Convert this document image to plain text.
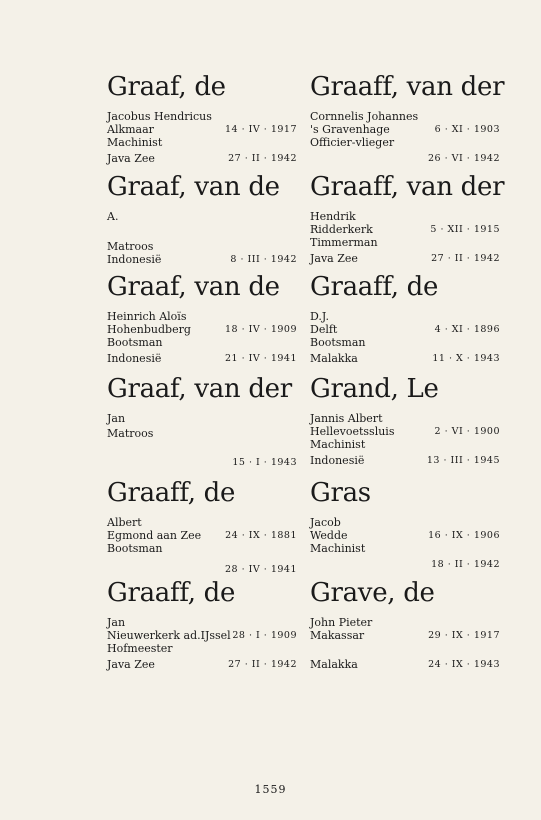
Graaf, de
Jacobus Hendricus
Alkmaar	14 · IV · 1917
Machinist
Java Zee	27 · II · 1942
Graaf, van de
A.
Matroos
Indonesië	8 · III · 1942
Graaf, van de
Heinrich Aloïs
Hohenbudberg	18 · IV · 1909
Bootsman
Indonesië	21 · IV · 1941
Graaf, van der
Jan
Matroos
15 · I · 1943
Graaff, de
Albert
Egmond aan Zee	24 · IX · 1881
Bootsman
28 · IV · 1941
Graaff, de
Jan
Nieuwerkerk ad.IJssel 28 · I · 1909
Hofmeester
Java Zee	27 · II · 1942
Graaff, van der
Cornnelis Johannes
's Gravenhage	6 · XI · 1903
Officier-vlieger
26 · VI · 1942
Graaff, van der
Hendrik
Ridderkerk	5 · XII · 1915
Timmerman
Java Zee	27 · II · 1942
Graaff, de
D.J.
Delft	4 · XI · 1896
Bootsman
Malakka	11 · X · 1943
Grand, Le
Jannis Albert
Hellevoetssluis	2 · VI · 1900
Machinist
Indonesië	13 · III · 1945
Gras
Jacob
Wedde	16 · IX · 1906
Machinist
18 · II · 1942
Grave, de
John Pieter
Makassar	29 · IX · 1917
Malakka	24 · IX · 1943
1559
